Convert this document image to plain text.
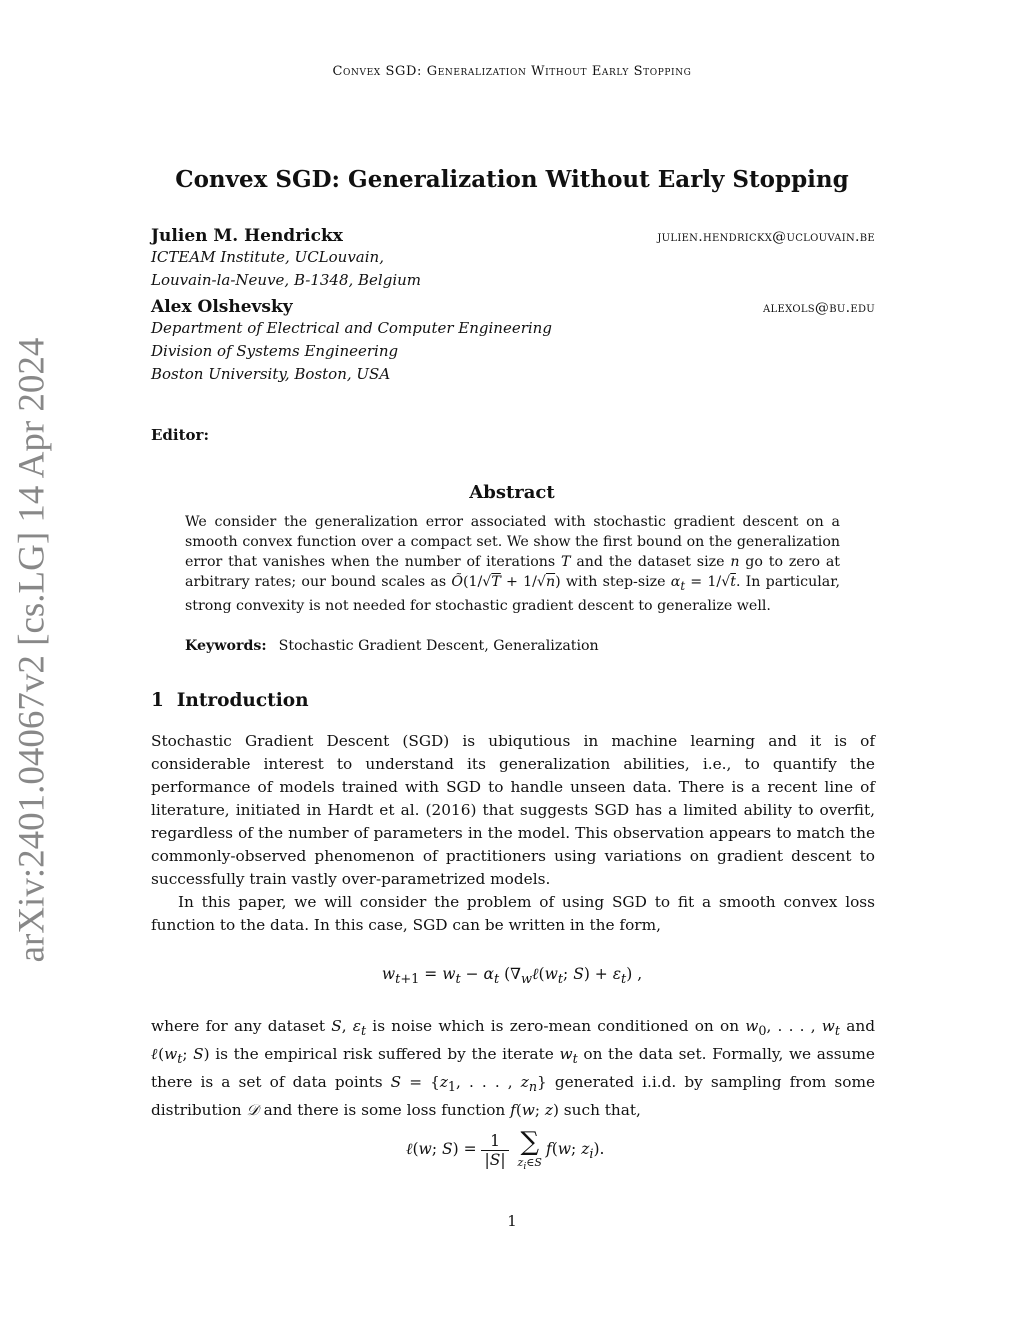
Convex SGD: Generalization Without Early Stopping
arXiv:2401.04067v2 [cs.LG] 14 Apr 2024
Convex SGD: Generalization Without Early Stopping
Julien M. Hendrickx	julien.hendrickx@uclouvain.be
ICTEAM Institute, UCLouvain,
Louvain-la-Neuve, B-1348, Belgium
Alex Olshevsky	alexols@bu.edu
Department of Electrical and Computer Engineering
Division of Systems Engineering
Boston University, Boston, USA
Editor:
Abstract
We consider the generalization error associated with stochastic gradient descent on a smooth convex function over a compact set. We show the first bound on the generalization error that vanishes when the number of iterations T and the dataset size n go to zero at arbitrary rates; our bound scales as Õ(1/√T + 1/√n) with step-size $\alpha_t = 1/√t$. In particular, strong convexity is not needed for stochastic gradient descent to generalize well.
Keywords: Stochastic Gradient Descent, Generalization
1 Introduction
Stochastic Gradient Descent (SGD) is ubiqutious in machine learning and it is of considerable interest to understand its generalization abilities, i.e., to quantify the performance of models trained with SGD to handle unseen data. There is a recent line of literature, initiated in Hardt et al. (2016) that suggests SGD has a limited ability to overfit, regardless of the number of parameters in the model. This observation appears to match the commonly-observed phenomenon of practitioners using variations on gradient descent to successfully train vastly over-parametrized models.
In this paper, we will consider the problem of using SGD to fit a smooth convex loss function to the data. In this case, SGD can be written in the form,
$w_{t+1} = w_t - \alpha_t$ ($\nabla_w\ell(w_t$; $S) + \varepsilon_t$) ,
where for any dataset S, $\varepsilon_t$ is noise which is zero-mean conditioned on on $w_0$, . . . , $w_t$ and $\ell(w_t$; S) is the empirical risk suffered by the iterate $w_t$ on the data set. Formally, we assume there is a set of data points $S = \{z_1$, . . . , $z_n$} generated i.i.d. by sampling from some distribution 𝒟 and there is some loss function f(w; z) such that,
ℓ(w; $S) = \frac{1}{|S|}$
∑
$z_i\in S$
f(w; $z_i$).
1
